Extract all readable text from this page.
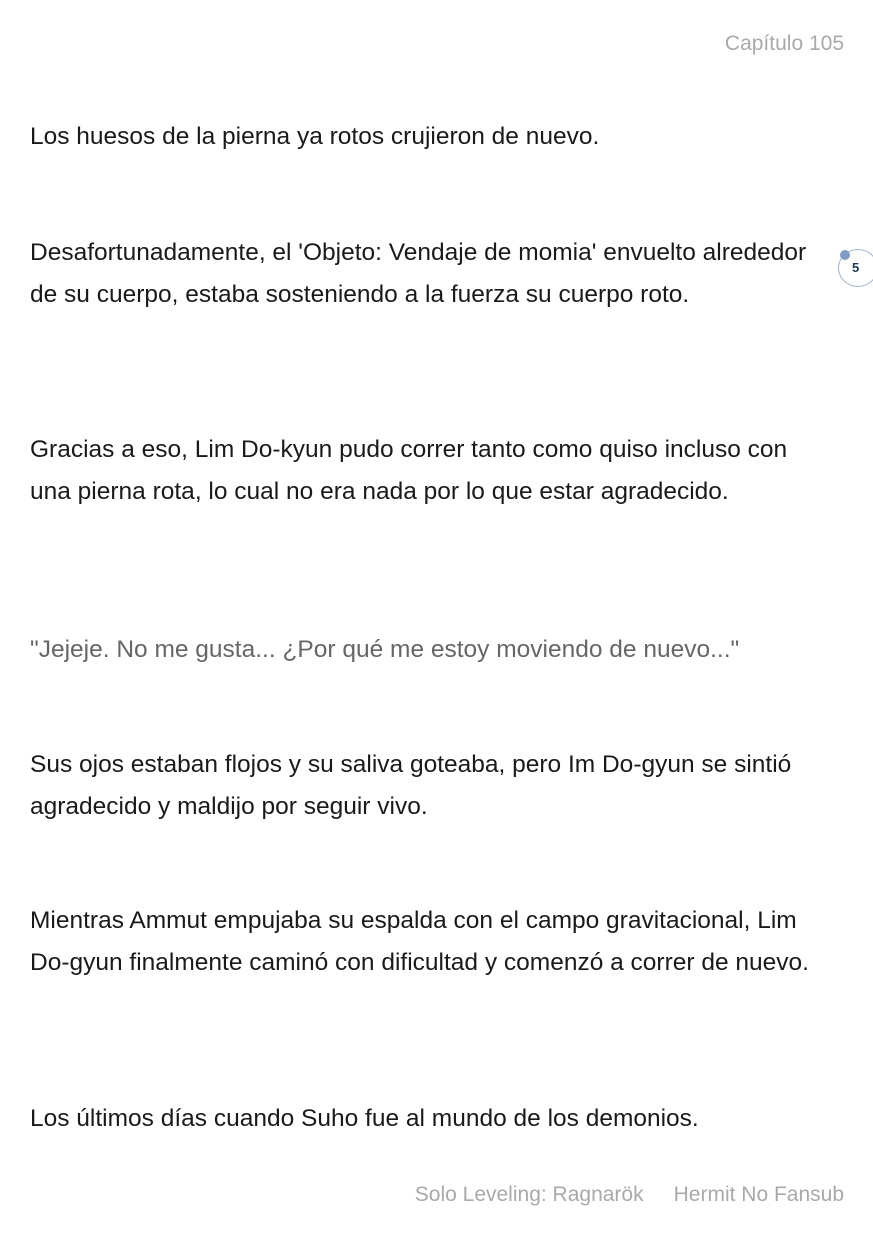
Capítulo 105

Los huesos de la pierna ya rotos crujieron de nuevo.

Desafortunadamente, el 'Objeto: Vendaje de momia' envuelto alrededor de su cuerpo, estaba sosteniendo a la fuerza su cuerpo roto.

Gracias a eso, Lim Do-kyun pudo correr tanto como quiso incluso con una pierna rota, lo cual no era nada por lo que estar agradecido.

"Jejeje. No me gusta... ¿Por qué me estoy moviendo de nuevo..."

Sus ojos estaban flojos y su saliva goteaba, pero Im Do-gyun se sintió agradecido y maldijo por seguir vivo.

Mientras Ammut empujaba su espalda con el campo gravitacional, Lim Do-gyun finalmente caminó con dificultad y comenzó a correr de nuevo.

Los últimos días cuando Suho fue al mundo de los demonios.

5
Solo Leveling: Ragnarök Hermit No Fansub
